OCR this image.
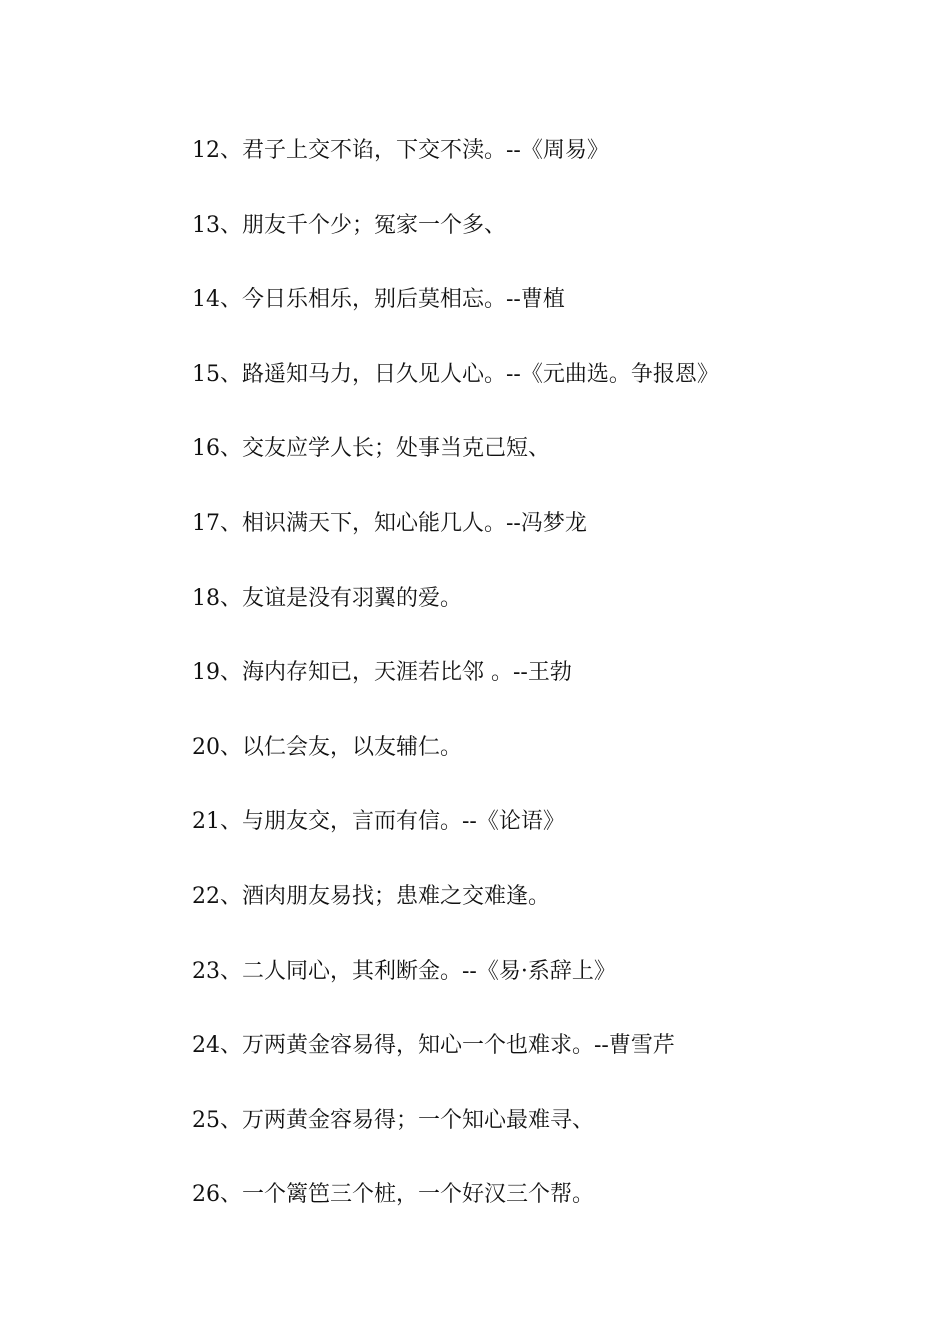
12、君子上交不谄，下交不渎。--《周易》
13、朋友千个少；冤家一个多、
14、今日乐相乐，别后莫相忘。--曹植
15、路遥知马力，日久见人心。--《元曲选。争报恩》
16、交友应学人长；处事当克己短、
17、相识满天下，知心能几人。--冯梦龙
18、友谊是没有羽翼的爱。
19、海内存知已，天涯若比邻 。--王勃
20、以仁会友，以友辅仁。
21、与朋友交，言而有信。--《论语》
22、酒肉朋友易找；患难之交难逢。
23、二人同心，其利断金。--《易·系辞上》
24、万两黄金容易得，知心一个也难求。--曹雪芹
25、万两黄金容易得；一个知心最难寻、
26、一个篱笆三个桩，一个好汉三个帮。
